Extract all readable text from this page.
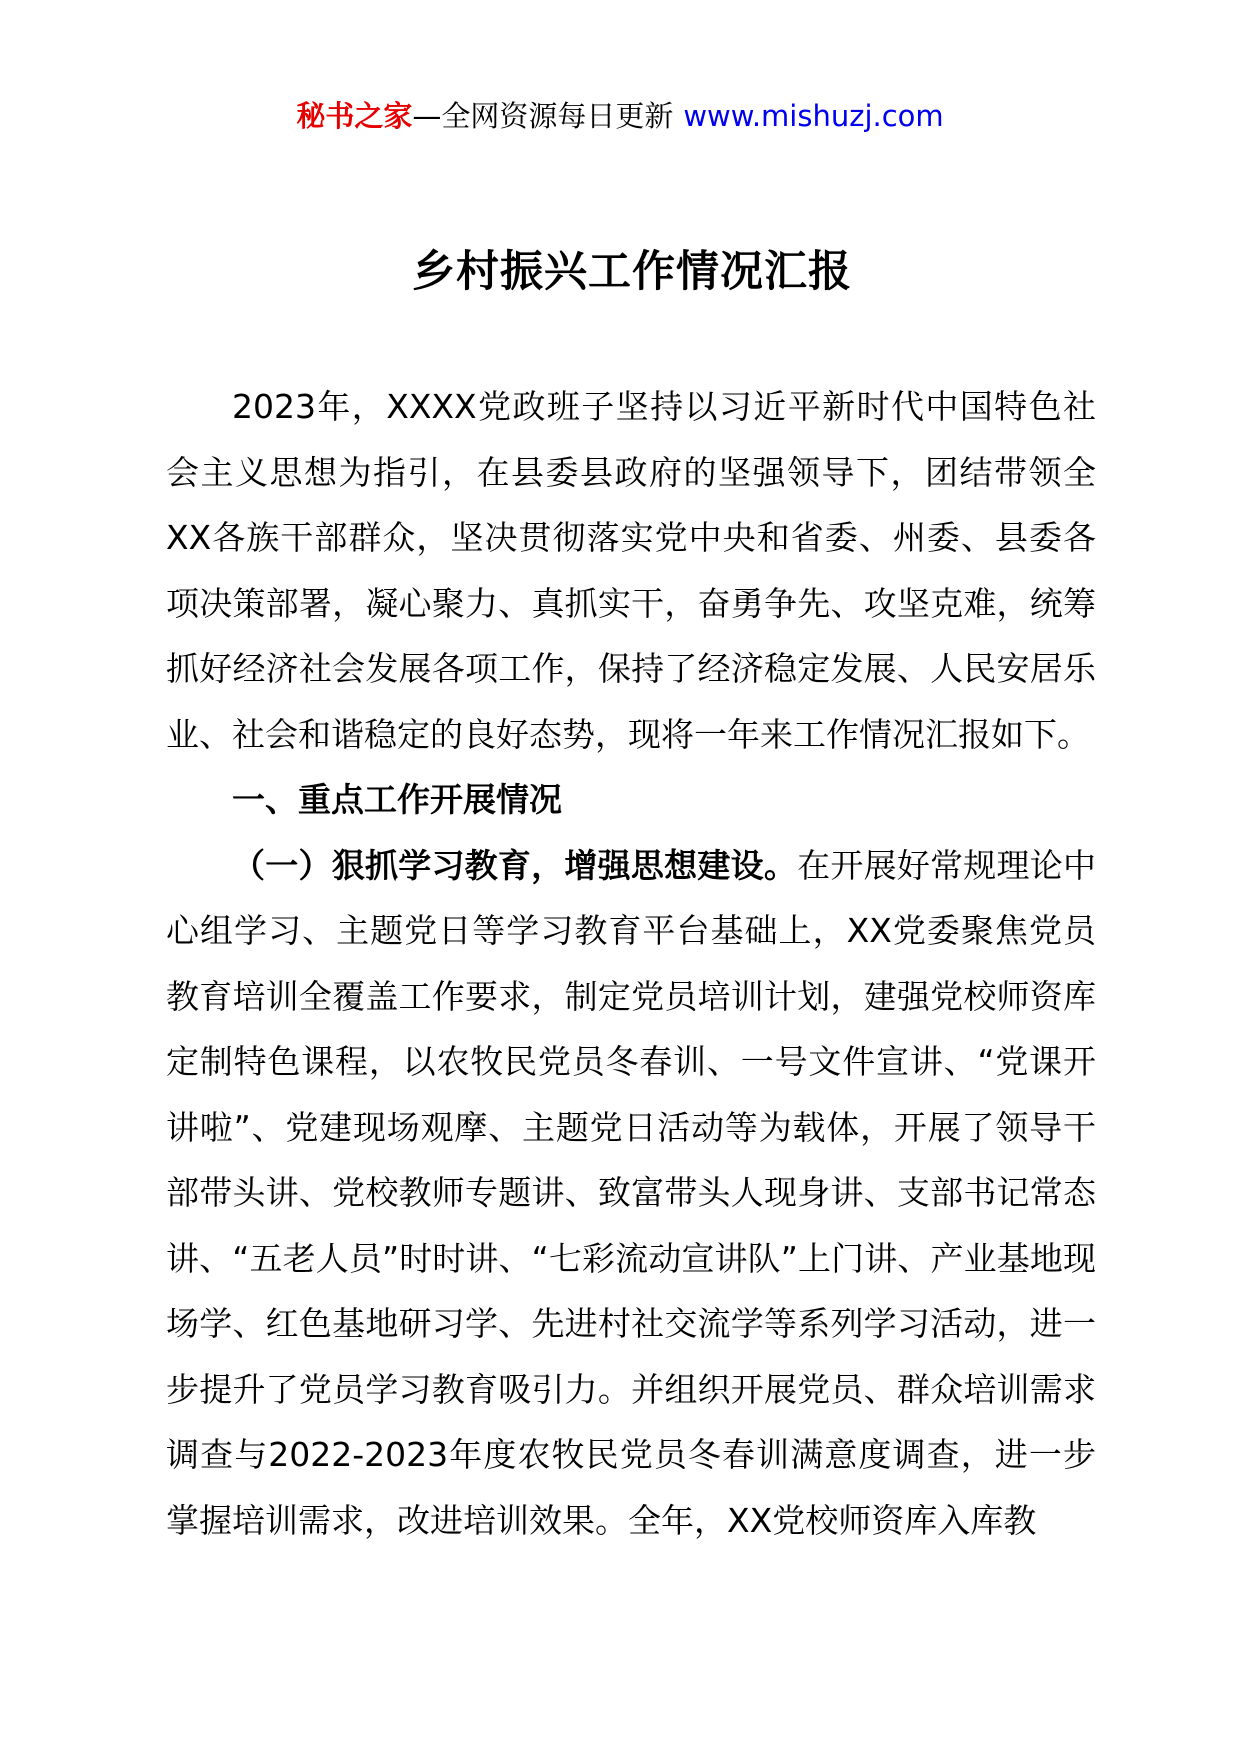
秘书之家—全网资源每日更新 www.mishuzj.com
乡村振兴工作情况汇报

2023年，XXXX党政班子坚持以习近平新时代中国特色社会主义思想为指引，在县委县政府的坚强领导下，团结带领全XX各族干部群众，坚决贯彻落实党中央和省委、州委、县委各项决策部署，凝心聚力、真抓实干，奋勇争先、攻坚克难，统筹抓好经济社会发展各项工作，保持了经济稳定发展、人民安居乐业、社会和谐稳定的良好态势，现将一年来工作情况汇报如下。

一、重点工作开展情况

（一）狠抓学习教育，增强思想建设。在开展好常规理论中心组学习、主题党日等学习教育平台基础上，XX党委聚焦党员教育培训全覆盖工作要求，制定党员培训计划，建强党校师资库定制特色课程，以农牧民党员冬春训、一号文件宣讲、“党课开讲啦”、党建现场观摩、主题党日活动等为载体，开展了领导干部带头讲、党校教师专题讲、致富带头人现身讲、支部书记常态讲、“五老人员”时时讲、“七彩流动宣讲队”上门讲、产业基地现场学、红色基地研习学、先进村社交流学等系列学习活动，进一步提升了党员学习教育吸引力。并组织开展党员、群众培训需求调查与2022-2023年度农牧民党员冬春训满意度调查，进一步掌握培训需求，改进培训效果。全年，XX党校师资库入库教
